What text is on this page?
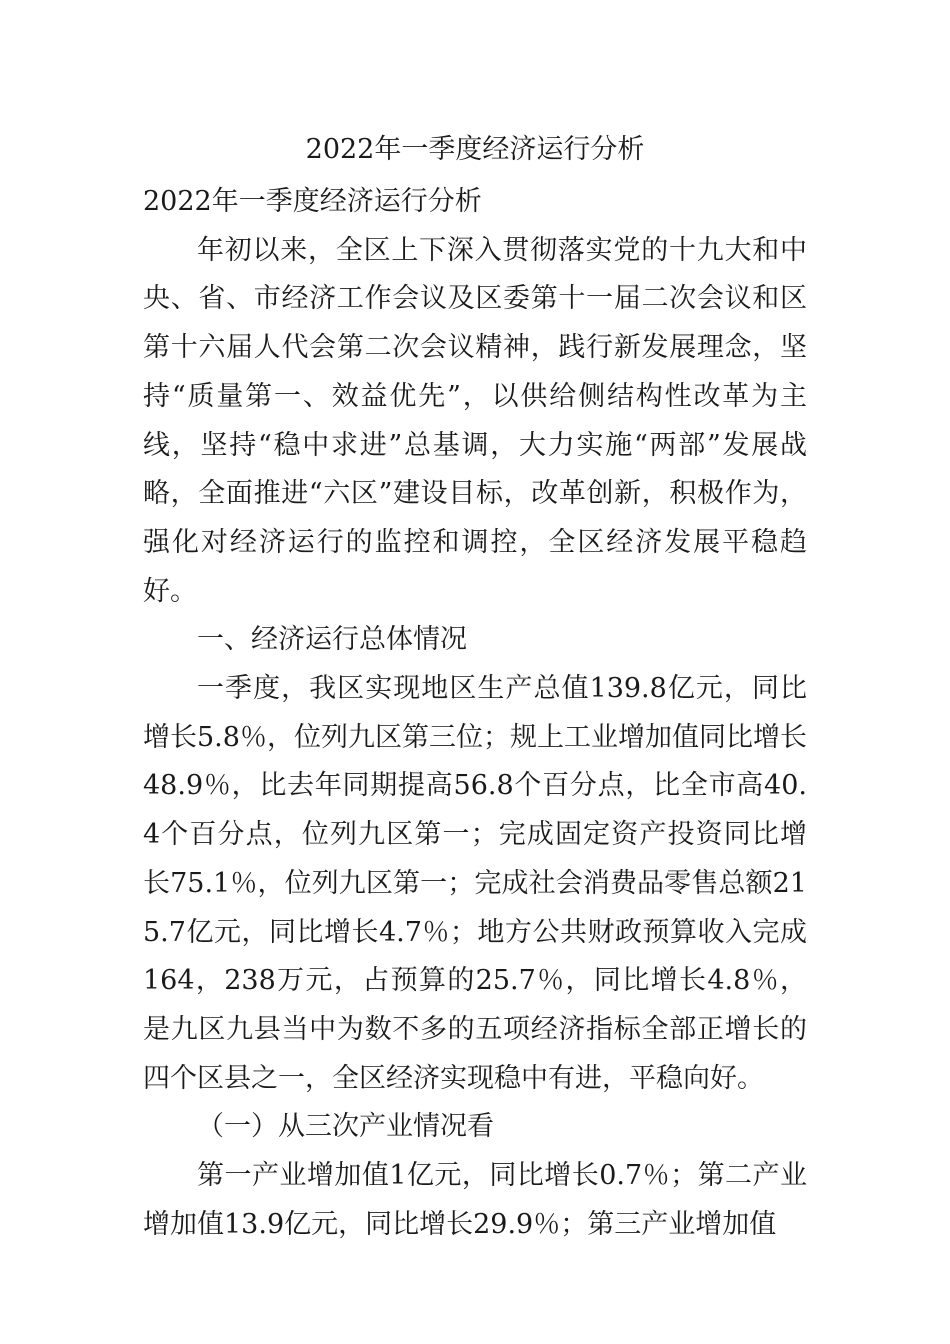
2022年一季度经济运行分析

2022年一季度经济运行分析

年初以来，全区上下深入贯彻落实党的十九大和中央、省、市经济工作会议及区委第十一届二次会议和区第十六届人代会第二次会议精神，践行新发展理念，坚持“质量第一、效益优先”，以供给侧结构性改革为主线，坚持“稳中求进”总基调，大力实施“两部”发展战略，全面推进“六区”建设目标，改革创新，积极作为，强化对经济运行的监控和调控，全区经济发展平稳趋好。

一、经济运行总体情况

一季度，我区实现地区生产总值139.8亿元，同比增长5.8％，位列九区第三位；规上工业增加值同比增长48.9％，比去年同期提高56.8个百分点，比全市高40.4个百分点，位列九区第一；完成固定资产投资同比增长75.1％，位列九区第一；完成社会消费品零售总额215.7亿元，同比增长4.7％；地方公共财政预算收入完成164，238万元，占预算的25.7％，同比增长4.8％，是九区九县当中为数不多的五项经济指标全部正增长的四个区县之一，全区经济实现稳中有进，平稳向好。

（一）从三次产业情况看

第一产业增加值1亿元，同比增长0.7％；第二产业增加值13.9亿元，同比增长29.9％；第三产业增加值
